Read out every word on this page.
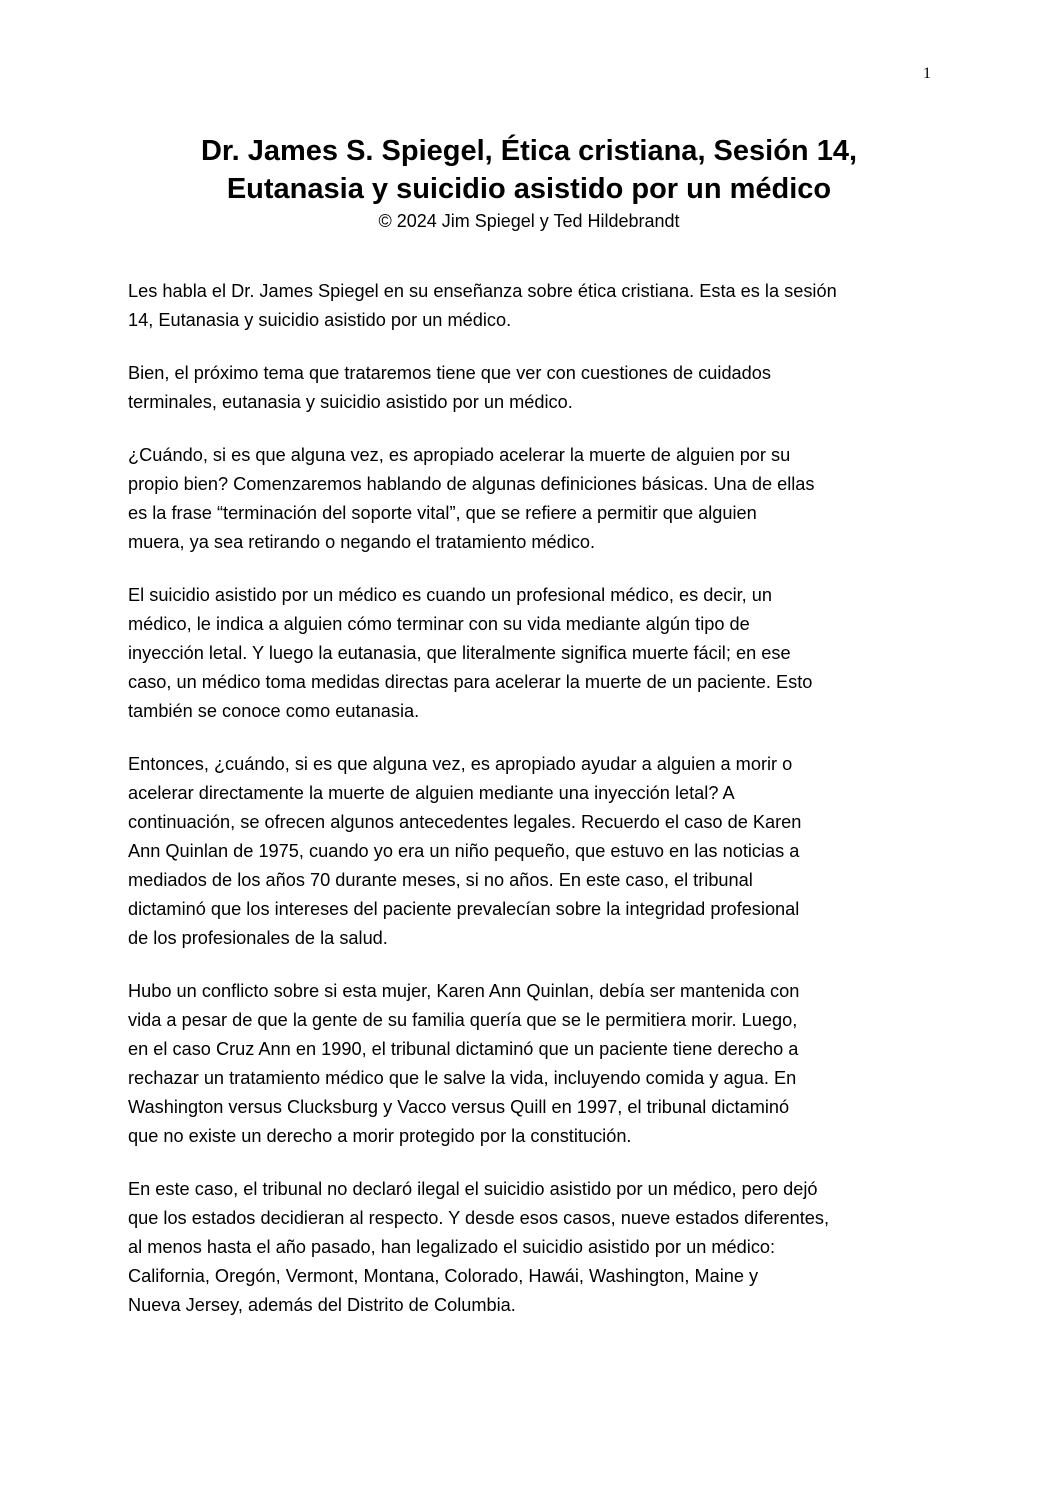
1
Dr. James S. Spiegel, Ética cristiana, Sesión 14,
Eutanasia y suicidio asistido por un médico
© 2024 Jim Spiegel y Ted Hildebrandt

Les habla el Dr. James Spiegel en su enseñanza sobre ética cristiana. Esta es la sesión
14, Eutanasia y suicidio asistido por un médico.

Bien, el próximo tema que trataremos tiene que ver con cuestiones de cuidados
terminales, eutanasia y suicidio asistido por un médico.

¿Cuándo, si es que alguna vez, es apropiado acelerar la muerte de alguien por su
propio bien? Comenzaremos hablando de algunas definiciones básicas. Una de ellas
es la frase “terminación del soporte vital”, que se refiere a permitir que alguien
muera, ya sea retirando o negando el tratamiento médico.

El suicidio asistido por un médico es cuando un profesional médico, es decir, un
médico, le indica a alguien cómo terminar con su vida mediante algún tipo de
inyección letal. Y luego la eutanasia, que literalmente significa muerte fácil; en ese
caso, un médico toma medidas directas para acelerar la muerte de un paciente. Esto
también se conoce como eutanasia.

Entonces, ¿cuándo, si es que alguna vez, es apropiado ayudar a alguien a morir o
acelerar directamente la muerte de alguien mediante una inyección letal? A
continuación, se ofrecen algunos antecedentes legales. Recuerdo el caso de Karen
Ann Quinlan de 1975, cuando yo era un niño pequeño, que estuvo en las noticias a
mediados de los años 70 durante meses, si no años. En este caso, el tribunal
dictaminó que los intereses del paciente prevalecían sobre la integridad profesional
de los profesionales de la salud.

Hubo un conflicto sobre si esta mujer, Karen Ann Quinlan, debía ser mantenida con
vida a pesar de que la gente de su familia quería que se le permitiera morir. Luego,
en el caso Cruz Ann en 1990, el tribunal dictaminó que un paciente tiene derecho a
rechazar un tratamiento médico que le salve la vida, incluyendo comida y agua. En
Washington versus Clucksburg y Vacco versus Quill en 1997, el tribunal dictaminó
que no existe un derecho a morir protegido por la constitución.

En este caso, el tribunal no declaró ilegal el suicidio asistido por un médico, pero dejó
que los estados decidieran al respecto. Y desde esos casos, nueve estados diferentes,
al menos hasta el año pasado, han legalizado el suicidio asistido por un médico:
California, Oregón, Vermont, Montana, Colorado, Hawái, Washington, Maine y
Nueva Jersey, además del Distrito de Columbia.
